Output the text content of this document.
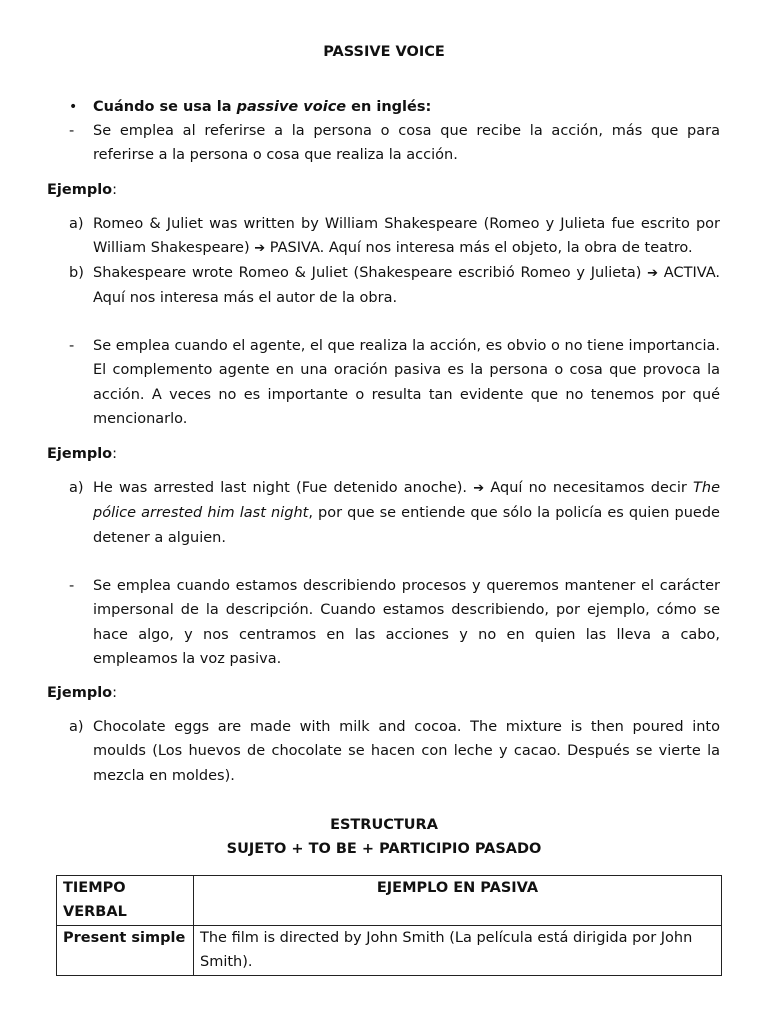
PASSIVE VOICE
• Cuándo se usa la passive voice en inglés:
- Se emplea al referirse a la persona o cosa que recibe la acción, más que para referirse a la persona o cosa que realiza la acción.
Ejemplo:
a) Romeo & Juliet was written by William Shakespeare (Romeo y Julieta fue escrito por William Shakespeare) ➔ PASIVA. Aquí nos interesa más el objeto, la obra de teatro.
b) Shakespeare wrote Romeo & Juliet (Shakespeare escribió Romeo y Julieta) ➔ ACTIVA. Aquí nos interesa más el autor de la obra.
- Se emplea cuando el agente, el que realiza la acción, es obvio o no tiene importancia. El complemento agente en una oración pasiva es la persona o cosa que provoca la acción. A veces no es importante o resulta tan evidente que no tenemos por qué mencionarlo.
Ejemplo:
a) He was arrested last night (Fue detenido anoche). ➔ Aquí no necesitamos decir The pólice arrested him last night, por que se entiende que sólo la policía es quien puede detener a alguien.
- Se emplea cuando estamos describiendo procesos y queremos mantener el carácter impersonal de la descripción. Cuando estamos describiendo, por ejemplo, cómo se hace algo, y nos centramos en las acciones y no en quien las lleva a cabo, empleamos la voz pasiva.
Ejemplo:
a) Chocolate eggs are made with milk and cocoa. The mixture is then poured into moulds (Los huevos de chocolate se hacen con leche y cacao. Después se vierte la mezcla en moldes).
ESTRUCTURA
SUJETO + TO BE + PARTICIPIO PASADO
TIEMPO VERBAL	EJEMPLO EN PASIVA
Present simple	The film is directed by John Smith (La película está dirigida por John Smith).
